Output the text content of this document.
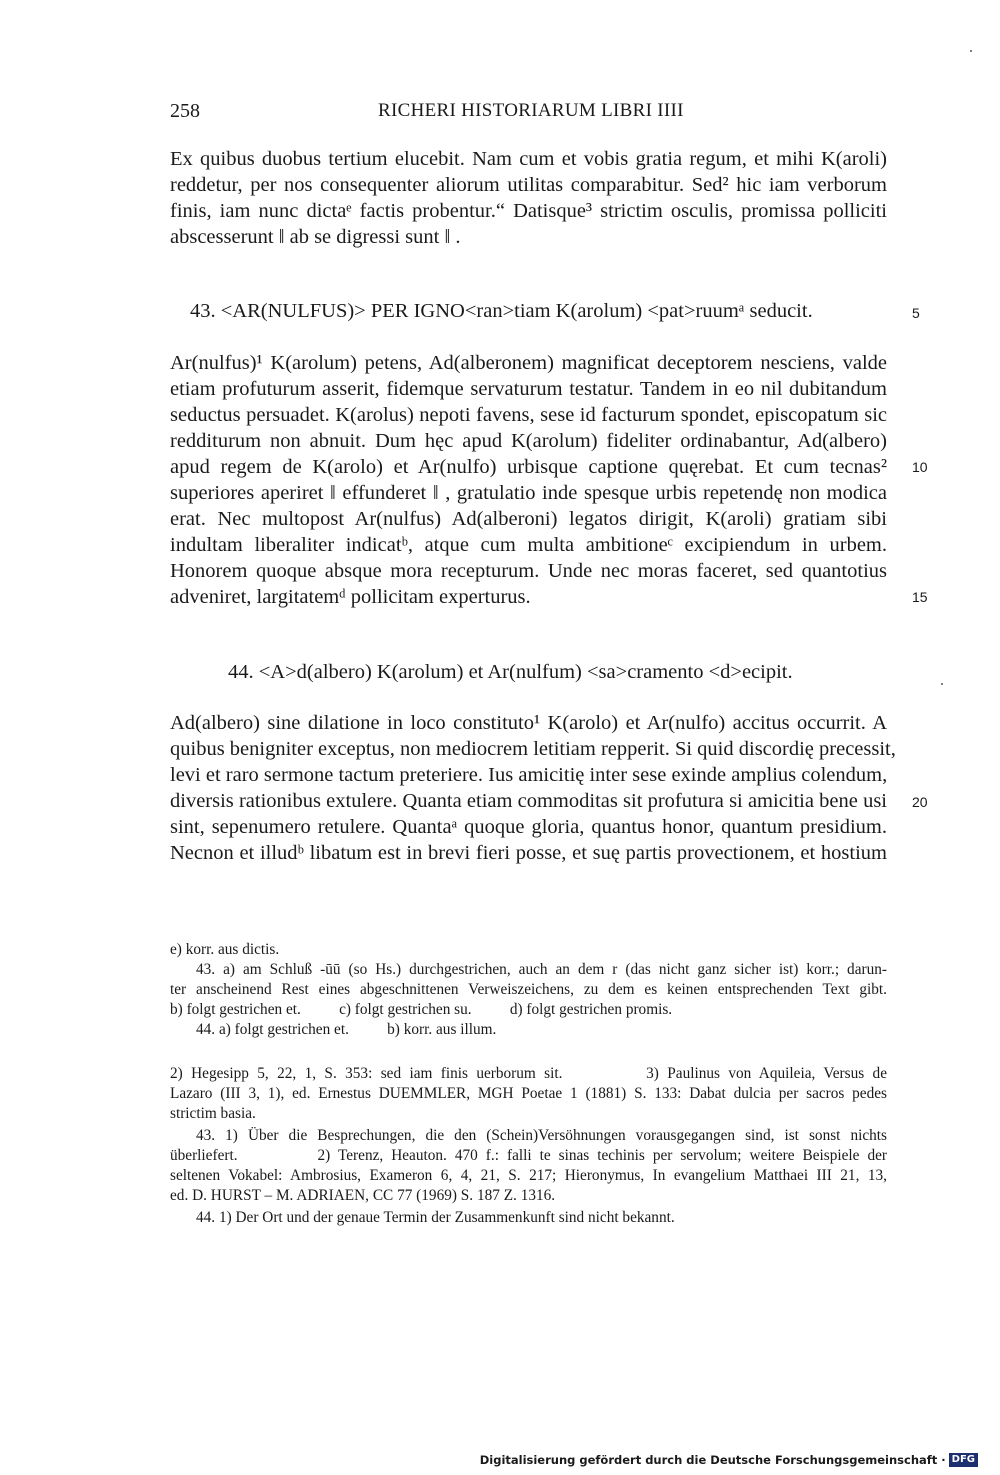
258	RICHERI HISTORIARUM LIBRI IIII
Ex quibus duobus tertium elucebit. Nam cum et vobis gratia regum, et mihi K(aroli)
reddetur, per nos consequenter aliorum utilitas comparabitur. Sed² hic iam verborum
finis, iam nunc dictaᵉ factis probentur.“ Datisque³ strictim osculis, promissa polliciti
abscesserunt ‖ ab se digressi sunt ‖ .
43. <AR(NULFUS)> PER IGNO<ran>tiam K(arolum) <pat>ruumᵃ seducit.	5
Ar(nulfus)¹ K(arolum) petens, Ad(alberonem) magnificat deceptorem nesciens, valde
etiam profuturum asserit, fidemque servaturum testatur. Tandem in eo nil dubitandum
seductus persuadet. K(arolus) nepoti favens, sese id facturum spondet, episcopatum sic
redditurum non abnuit. Dum hęc apud K(arolum) fideliter ordinabantur, Ad(albero)
apud regem de K(arolo) et Ar(nulfo) urbisque captione quęrebat. Et cum tecnas²
superiores aperiret ‖ effunderet ‖ , gratulatio inde spesque urbis repetendę non modica
erat. Nec multopost Ar(nulfus) Ad(alberoni) legatos dirigit, K(aroli) gratiam sibi
indultam liberaliter indicatᵇ, atque cum multa ambitioneᶜ excipiendum in urbem.
Honorem quoque absque mora recepturum. Unde nec moras faceret, sed quantotius
adveniret, largitatemᵈ pollicitam experturus.
10
15
44. <A>d(albero) K(arolum) et Ar(nulfum) <sa>cramento <d>ecipit.
Ad(albero) sine dilatione in loco constituto¹ K(arolo) et Ar(nulfo) accitus occurrit. A
quibus benigniter exceptus, non mediocrem letitiam repperit. Si quid discordię precessit,
levi et raro sermone tactum preteriere. Ius amicitię inter sese exinde amplius colendum,
diversis rationibus extulere. Quanta etiam commoditas sit profutura si amicitia bene usi
sint, sepenumero retulere. Quantaᵃ quoque gloria, quantus honor, quantum presidium.
Necnon et illudᵇ libatum est in brevi fieri posse, et suę partis provectionem, et hostium
20
e) korr. aus dictis.
43. a) am Schluß -ūū (so Hs.) durchgestrichen, auch an dem r (das nicht ganz sicher ist) korr.; darun-
ter anscheinend Rest eines abgeschnittenen Verweiszeichens, zu dem es keinen entsprechenden Text gibt.
b) folgt gestrichen et.          c) folgt gestrichen su.          d) folgt gestrichen promis.
44. a) folgt gestrichen et.          b) korr. aus illum.
2) Hegesipp 5, 22, 1, S. 353: sed iam finis uerborum sit.          3) Paulinus von Aquileia, Versus de
Lazaro (III 3, 1), ed. Ernestus DUEMMLER, MGH Poetae 1 (1881) S. 133: Dabat dulcia per sacros pedes
strictim basia.
43. 1) Über die Besprechungen, die den (Schein)Versöhnungen vorausgegangen sind, ist sonst nichts
überliefert.          2) Terenz, Heauton. 470 f.: falli te sinas techinis per servolum; weitere Beispiele der
seltenen Vokabel: Ambrosius, Exameron 6, 4, 21, S. 217; Hieronymus, In evangelium Matthaei III 21, 13,
ed. D. HURST – M. ADRIAEN, CC 77 (1969) S. 187 Z. 1316.
44. 1) Der Ort und der genaue Termin der Zusammenkunft sind nicht bekannt.
Digitalisierung gefördert durch die Deutsche Forschungsgemeinschaft · DFG
